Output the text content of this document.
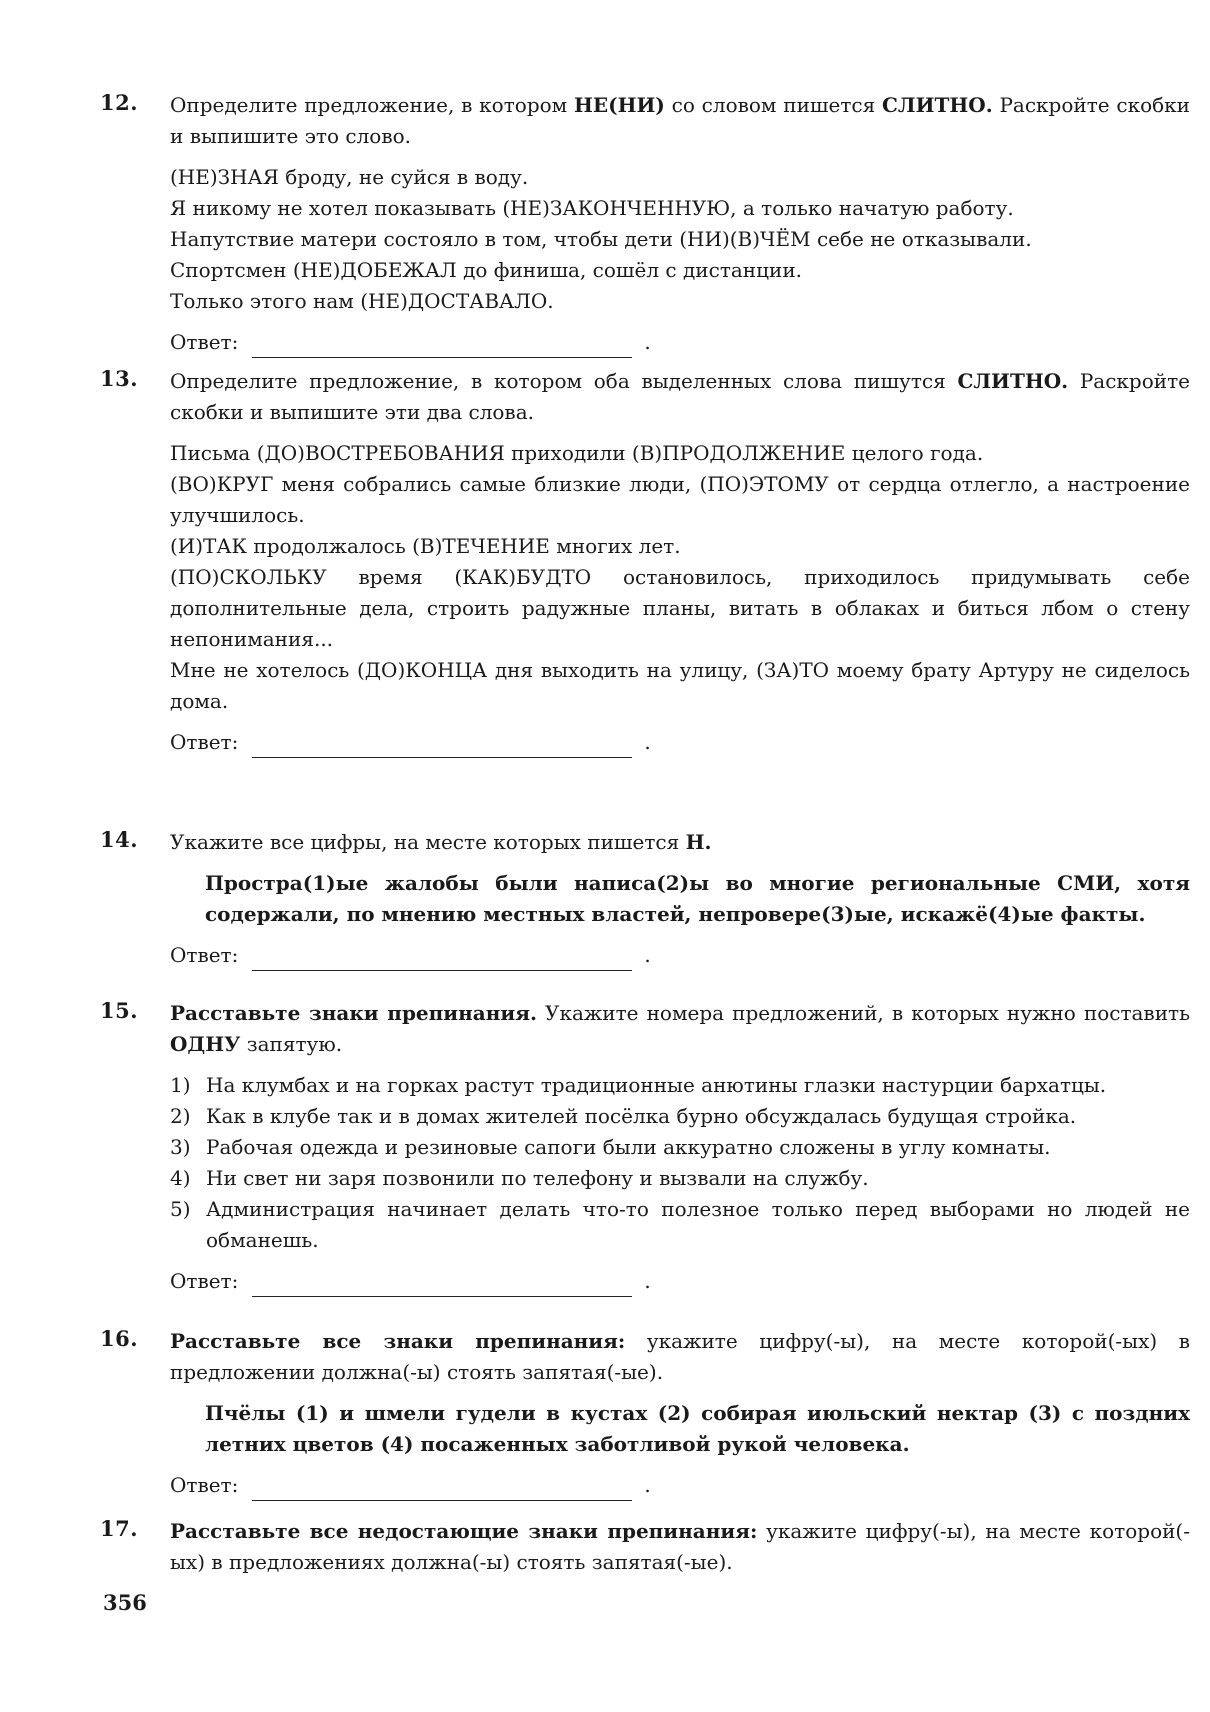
12. Определите предложение, в котором НЕ(НИ) со словом пишется СЛИТНО. Раскройте скобки и выпишите это слово.

(НЕ)ЗНАЯ броду, не суйся в воду.

Я никому не хотел показывать (НЕ)ЗАКОНЧЕННУЮ, а только начатую работу.

Напутствие матери состояло в том, чтобы дети (НИ)(В)ЧЁМ себе не отказывали.

Спортсмен (НЕ)ДОБЕЖАЛ до финиша, сошёл с дистанции.

Только этого нам (НЕ)ДОСТАВАЛО.

Ответ:	.
13. Определите предложение, в котором оба выделенных слова пишутся СЛИТНО. Раскройте скобки и выпишите эти два слова.

Письма (ДО)ВОСТРЕБОВАНИЯ приходили (В)ПРОДОЛЖЕНИЕ целого года.

(ВО)КРУГ меня собрались самые близкие люди, (ПО)ЭТОМУ от сердца отлегло, а настроение улучшилось.

(И)ТАК продолжалось (В)ТЕЧЕНИЕ многих лет.

(ПО)СКОЛЬКУ время (КАК)БУДТО остановилось, приходилось придумывать себе дополнительные дела, строить радужные планы, витать в облаках и биться лбом о стену непонимания...

Мне не хотелось (ДО)КОНЦА дня выходить на улицу, (ЗА)ТО моему брату Артуру не сиделось дома.

Ответ:	.
14. Укажите все цифры, на месте которых пишется Н.
Простра(1)ые жалобы были написа(2)ы во многие региональные СМИ, хотя содержали, по мнению местных властей, непровере(3)ые, искажё(4)ые факты.
Ответ:	.
15. Расставьте знаки препинания. Укажите номера предложений, в которых нужно поставить ОДНУ запятую.
1) На клумбах и на горках растут традиционные анютины глазки настурции бархатцы.
2) Как в клубе так и в домах жителей посёлка бурно обсуждалась будущая стройка.
3) Рабочая одежда и резиновые сапоги были аккуратно сложены в углу комнаты.
4) Ни свет ни заря позвонили по телефону и вызвали на службу.
5) Администрация начинает делать что-то полезное только перед выборами но людей не обманешь.
Ответ:	.
16. Расставьте все знаки препинания: укажите цифру(-ы), на месте которой(-ых) в предложении должна(-ы) стоять запятая(-ые).
Пчёлы (1) и шмели гудели в кустах (2) собирая июльский нектар (3) с поздних летних цветов (4) посаженных заботливой рукой человека.
Ответ:	.
17. Расставьте все недостающие знаки препинания: укажите цифру(-ы), на месте которой(-ых) в предложениях должна(-ы) стоять запятая(-ые).
356
